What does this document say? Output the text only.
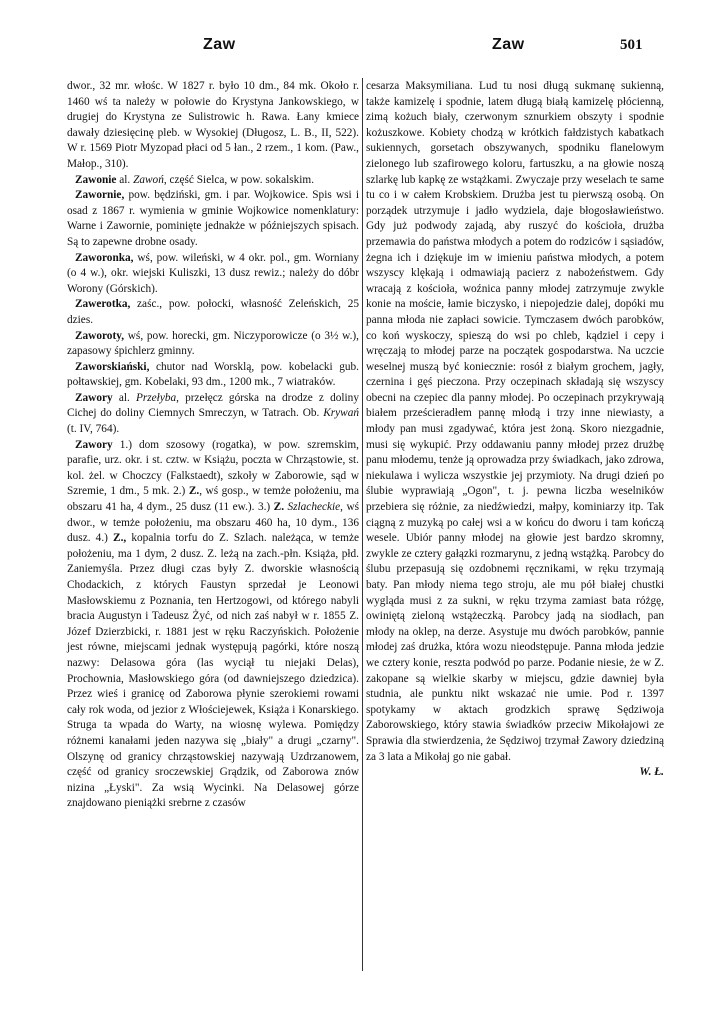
Zaw	Zaw	501

dwor., 32 mr. włośc. W 1827 r. było 10 dm., 84 mk. Około r. 1460 wś ta należy w połowie do Krystyna Jankowskiego, w drugiej do Krystyna ze Sulistrowic h. Rawa. Łany kmiece dawały dziesięcinę pleb. w Wysokiej (Długosz, L. B., II, 522). W r. 1569 Piotr Myzopad płaci od 5 łan., 2 rzem., 1 kom. (Paw., Małop., 310).

Zawonie al. Zawoń, część Sielca, w pow. sokalskim.

Zawornie, pow. będziński, gm. i par. Wojkowice. Spis wsi i osad z 1867 r. wymienia w gminie Wojkowice nomenklatury: Warne i Zawornie, pominięte jednakże w późniejszych spisach. Są to zapewne drobne osady.

Zaworonka, wś, pow. wileński, w 4 okr. pol., gm. Worniany (o 4 w.), okr. wiejski Kuliszki, 13 dusz rewiz.; należy do dóbr Worony (Górskich).

Zawerotka, zaśc., pow. połocki, własność Zeleńskich, 25 dzies.

Zaworoty, wś, pow. horecki, gm. Niczyporowicze (o 3½ w.), zapasowy śpichlerz gminny.

Zaworskiański, chutor nad Worsklą, pow. kobelacki gub. połtawskiej, gm. Kobelaki, 93 dm., 1200 mk., 7 wiatraków.

Zawory al. Przełyba, przełęcz górska na drodze z doliny Cichej do doliny Ciemnych Smreczyn, w Tatrach. Ob. Krywań (t. IV, 764).

Zawory 1.) dom szosowy (rogatka), w pow. szremskim, parafie, urz. okr. i st. cztw. w Książu, poczta w Chrząstowie, st. kol. żel. w Choczcy (Falkstaedt), szkoły w Zaborowie, sąd w Szremie, 1 dm., 5 mk. 2.) Z., wś gosp., w temże położeniu, ma obszaru 41 ha, 4 dym., 25 dusz (11 ew.). 3.) Z. Szlacheckie, wś dwor., w temże położeniu, ma obszaru 460 ha, 10 dym., 136 dusz. 4.) Z., kopalnia torfu do Z. Szlach. należąca, w temże położeniu, ma 1 dym, 2 dusz. Z. leżą na zach.-płn. Książa, płd. Zaniemyśla. Przez długi czas były Z. dworskie własnością Chodackich, z których Faustyn sprzedał je Leonowi Masłowskiemu z Poznania, ten Hertzogowi, od którego nabyli bracia Augustyn i Tadeusz Żyć, od nich zaś nabył w r. 1855 Z. Józef Dzierzbicki, r. 1881 jest w ręku Raczyńskich. Położenie jest równe, miejscami jednak występują pagórki, które noszą nazwy: Delasowa góra (las wyciął tu niejaki Delas), Prochownia, Masłowskiego góra (od dawniejszego dziedzica). Przez wieś i granicę od Zaborowa płynie szerokiemi rowami cały rok woda, od jezior z Włościejewek, Książa i Konarskiego. Struga ta wpada do Warty, na wiosnę wylewa. Pomiędzy różnemi kanałami jeden nazywa się „biały" a drugi „czarny". Olszynę od granicy chrząstowskiej nazywają Uzdrzanowem, część od granicy sroczewskiej Grądzik, od Zaborowa znów nizina „Łyski". Za wsią Wycinki. Na Delasowej górze znajdowano pieniążki srebrne z czasów

cesarza Maksymiliana. Lud tu nosi długą sukmanę sukienną, także kamizelę i spodnie, latem długą białą kamizelę płócienną, zimą kożuch biały, czerwonym sznurkiem obszyty i spodnie kożuszkowe. Kobiety chodzą w krótkich fałdzistych kabatkach sukiennych, gorsetach obszywanych, spodniku flanelowym zielonego lub szafirowego koloru, fartuszku, a na głowie noszą szlarkę lub kapkę ze wstążkami. Zwyczaje przy weselach te same tu co i w całem Krobskiem. Drużba jest tu pierwszą osobą. On porządek utrzymuje i jadło wydziela, daje błogosławieństwo. Gdy już podwody zajadą, aby ruszyć do kościoła, drużba przemawia do państwa młodych a potem do rodziców i sąsiadów, żegna ich i dziękuje im w imieniu państwa młodych, a potem wszyscy klękają i odmawiają pacierz z nabożeństwem. Gdy wracają z kościoła, woźnica panny młodej zatrzymuje zwykle konie na moście, łamie biczysko, i niepojedzie dalej, dopóki mu panna młoda nie zapłaci sowicie. Tymczasem dwóch parobków, co koń wyskoczy, spieszą do wsi po chleb, kądziel i cepy i wręczają to młodej parze na początek gospodarstwa. Na uczcie weselnej muszą być koniecznie: rosół z białym grochem, jagły, czernina i gęś pieczona. Przy oczepinach składają się wszyscy obecni na czepiec dla panny młodej. Po oczepinach przykrywają białem prześcieradłem pannę młodą i trzy inne niewiasty, a młody pan musi zgadywać, która jest żoną. Skoro niezgadnie, musi się wykupić. Przy oddawaniu panny młodej przez drużbę panu młodemu, tenże ją oprowadza przy świadkach, jako zdrowa, niekulawa i wylicza wszystkie jej przymioty. Na drugi dzień po ślubie wyprawiają „Ogon", t. j. pewna liczba weselników przebiera się różnie, za niedźwiedzi, małpy, kominiarzy itp. Tak ciągną z muzyką po całej wsi a w końcu do dworu i tam kończą wesele. Ubiór panny młodej na głowie jest bardzo skromny, zwykle ze cztery gałązki rozmarynu, z jedną wstążką. Parobcy do ślubu przepasują się ozdobnemi ręcznikami, w ręku trzymają baty. Pan młody niema tego stroju, ale mu pół białej chustki wygląda musi z za sukni, w ręku trzyma zamiast bata różgę, owiniętą zieloną wstążeczką. Parobcy jadą na siodłach, pan młody na oklep, na derze. Asystuje mu dwóch parobków, pannie młodej zaś drużka, która wozu nieodstępuje. Panna młoda jedzie we cztery konie, reszta podwód po parze. Podanie niesie, że w Z. zakopane są wielkie skarby w miejscu, gdzie dawniej była studnia, ale punktu nikt wskazać nie umie. Pod r. 1397 spotykamy w aktach grodzkich sprawę Sędziwoja Zaborowskiego, który stawia świadków przeciw Mikołajowi ze Sprawia dla stwierdzenia, że Sędziwoj trzymał Zawory dziedziną za 3 lata a Mikołaj go nie gabał.

W. Ł.
